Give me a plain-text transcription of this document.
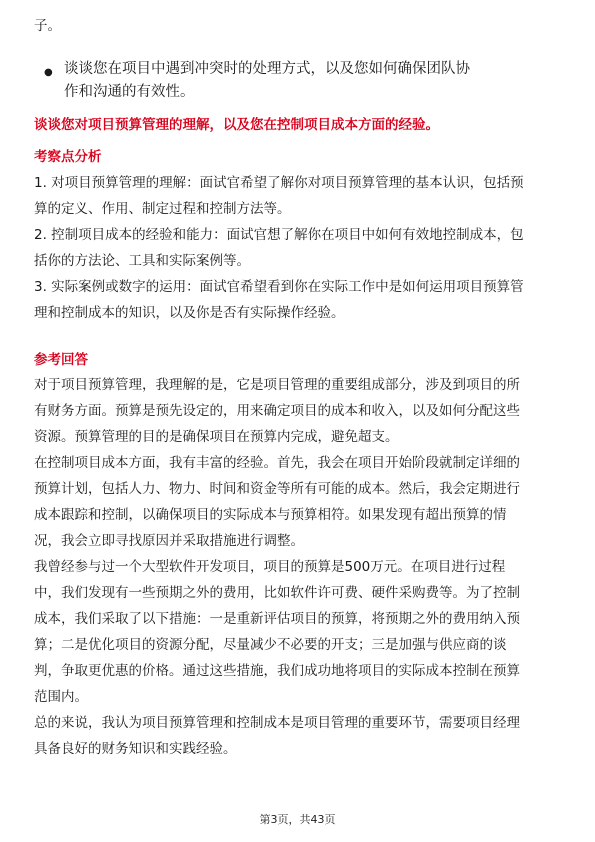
子。
● 谈谈您在项目中遇到冲突时的处理方式，以及您如何确保团队协
作和沟通的有效性。
谈谈您对项目预算管理的理解，以及您在控制项目成本方面的经验。
考察点分析
1. 对项目预算管理的理解：面试官希望了解你对项目预算管理的基本认识，包括预
算的定义、作用、制定过程和控制方法等。
2. 控制项目成本的经验和能力：面试官想了解你在项目中如何有效地控制成本，包
括你的方法论、工具和实际案例等。
3. 实际案例或数字的运用：面试官希望看到你在实际工作中是如何运用项目预算管
理和控制成本的知识，以及你是否有实际操作经验。
参考回答
对于项目预算管理，我理解的是，它是项目管理的重要组成部分，涉及到项目的所
有财务方面。预算是预先设定的，用来确定项目的成本和收入，以及如何分配这些
资源。预算管理的目的是确保项目在预算内完成，避免超支。
在控制项目成本方面，我有丰富的经验。首先，我会在项目开始阶段就制定详细的
预算计划，包括人力、物力、时间和资金等所有可能的成本。然后，我会定期进行
成本跟踪和控制，以确保项目的实际成本与预算相符。如果发现有超出预算的情
况，我会立即寻找原因并采取措施进行调整。
我曾经参与过一个大型软件开发项目，项目的预算是500万元。在项目进行过程
中，我们发现有一些预期之外的费用，比如软件许可费、硬件采购费等。为了控制
成本，我们采取了以下措施：一是重新评估项目的预算，将预期之外的费用纳入预
算；二是优化项目的资源分配，尽量减少不必要的开支；三是加强与供应商的谈
判，争取更优惠的价格。通过这些措施，我们成功地将项目的实际成本控制在预算
范围内。
总的来说，我认为项目预算管理和控制成本是项目管理的重要环节，需要项目经理
具备良好的财务知识和实践经验。
第3页，共43页
